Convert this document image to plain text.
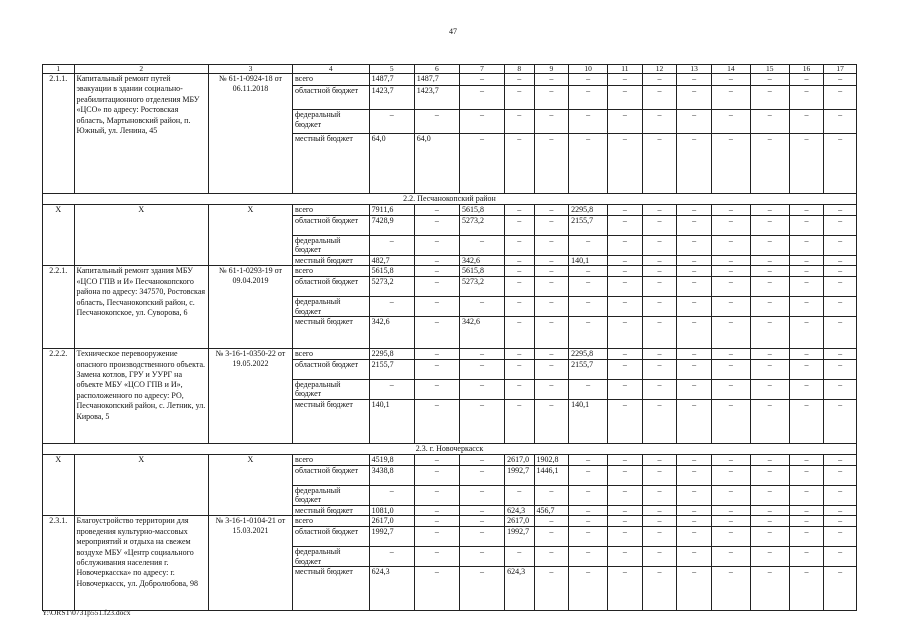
47
1	2	3	4	5	6	7	8	9	10	11	12	13	14	15	16	17
2.1.1.	Капитальный ремонт путей эвакуации в здании социально-реабилитационного отделения МБУ «ЦСО» по адресу: Ростовская область, Мартыновский район, п. Южный, ул. Ленина, 45	№ 61-1-0924-18 от 06.11.2018	всего	1487,7	1487,7	–	–	–	–	–	–	–	–	–	–	–
			областной бюджет	1423,7	1423,7	–	–	–	–	–	–	–	–	–	–	–
			федеральный бюджет	–	–	–	–	–	–	–	–	–	–	–	–	–
			местный бюджет	64,0	64,0	–	–	–	–	–	–	–	–	–	–	–
2.2. Песчанокопский район																
Х	Х	Х	всего	7911,6	–	5615,8	–	–	2295,8	–	–	–	–	–	–	–
			областной бюджет	7428,9	–	5273,2	–	–	2155,7	–	–	–	–	–	–	–
			федеральный бюджет	–	–	–	–	–	–	–	–	–	–	–	–	–
			местный бюджет	482,7	–	342,6	–	–	140,1	–	–	–	–	–	–	–
2.2.1.	Капитальный ремонт здания МБУ «ЦСО ГПВ и И» Песчанокопского района по адресу: 347570, Ростовская область, Песчанокопский район, с. Песчанокопское, ул. Суворова, 6	№ 61-1-0293-19 от 09.04.2019	всего	5615,8	–	5615,8	–	–	–	–	–	–	–	–	–	–
			областной бюджет	5273,2	–	5273,2	–	–	–	–	–	–	–	–	–	–
			федеральный бюджет	–	–	–	–	–	–	–	–	–	–	–	–	–
			местный бюджет	342,6	–	342,6	–	–	–	–	–	–	–	–	–	–
2.2.2.	Техническое перевооружение опасного производственного объекта. Замена котлов, ГРУ и УУРГ на объекте МБУ «ЦСО ГПВ и И», расположенного по адресу: РО, Песчанокопский район, с. Летник, ул. Кирова, 5	№ 3-16-1-0350-22 от 19.05.2022	всего	2295,8	–	–	–	–	2295,8	–	–	–	–	–	–	–
			областной бюджет	2155,7	–	–	–	–	2155,7	–	–	–	–	–	–	–
			федеральный бюджет	–	–	–	–	–	–	–	–	–	–	–	–	–
			местный бюджет	140,1	–	–	–	–	140,1	–	–	–	–	–	–	–
2.3. г. Новочеркасск																
Х	Х	Х	всего	4519,8	–	–	2617,0	1902,8	–	–	–	–	–	–	–	–
			областной бюджет	3438,8	–	–	1992,7	1446,1	–	–	–	–	–	–	–	–
			федеральный бюджет	–	–	–	–	–	–	–	–	–	–	–	–	–
			местный бюджет	1081,0	–	–	624,3	456,7	–	–	–	–	–	–	–	–
2.3.1.	Благоустройство территории для проведения культурно-массовых мероприятий и отдыха на свежем воздухе МБУ «Центр социального обслуживания населения г. Новочеркасска» по адресу: г. Новочеркасск, ул. Добролюбова, 98	№ 3-16-1-0104-21 от 15.03.2021	всего	2617,0	–	–	2617,0	–	–	–	–	–	–	–	–	–
			областной бюджет	1992,7	–	–	1992,7	–	–	–	–	–	–	–	–	–
			федеральный бюджет	–	–	–	–	–	–	–	–	–	–	–	–	–
			местный бюджет	624,3	–	–	624,3	–	–	–	–	–	–	–	–	–
Y:\ORST\0731p551.f23.docx
